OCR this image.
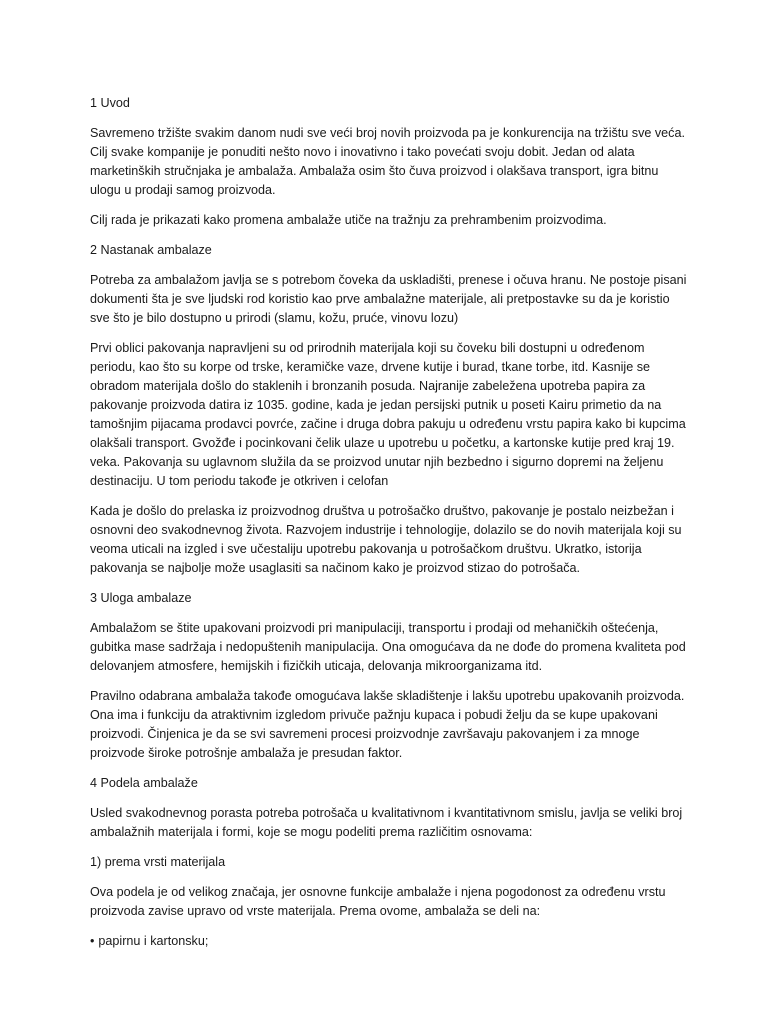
1 Uvod
Savremeno tržište svakim danom nudi sve veći broj novih proizvoda pa je konkurencija na tržištu sve veća. Cilj svake kompanije je ponuditi nešto novo i inovativno i tako povećati svoju dobit. Jedan od alata marketinških stručnjaka je ambalaža. Ambalaža osim što čuva proizvod i olakšava transport, igra bitnu ulogu u prodaji samog proizvoda.
Cilj rada je prikazati kako promena ambalaže utiče na tražnju za prehrambenim proizvodima.
2 Nastanak ambalaze
Potreba za ambalažom javlja se s potrebom čoveka da uskladišti, prenese i očuva hranu. Ne postoje pisani dokumenti šta je sve ljudski rod koristio kao prve ambalažne materijale, ali pretpostavke su da je koristio sve što je bilo dostupno u prirodi (slamu, kožu, pruće, vinovu lozu)
Prvi oblici pakovanja napravljeni su od prirodnih materijala koji su čoveku bili dostupni u određenom periodu, kao što su korpe od trske, keramičke vaze, drvene kutije i burad, tkane torbe, itd. Kasnije se obradom materijala došlo do staklenih i bronzanih posuda. Najranije zabeležena upotreba papira za pakovanje proizvoda datira iz 1035. godine, kada je jedan persijski putnik u poseti Kairu primetio da na tamošnjim pijacama prodavci povrće, začine i druga dobra pakuju u određenu vrstu papira kako bi kupcima olakšali transport. Gvožđe i pocinkovani čelik ulaze u upotrebu u početku, a kartonske kutije pred kraj 19. veka. Pakovanja su uglavnom služila da se proizvod unutar njih bezbedno i sigurno dopremi na željenu destinaciju. U tom periodu takođe je otkriven i celofan
Kada je došlo do prelaska iz proizvodnog društva u potrošačko društvo, pakovanje je postalo neizbežan i osnovni deo svakodnevnog života. Razvojem industrije i tehnologije, dolazilo se do novih materijala koji su veoma uticali na izgled i sve učestaliju upotrebu pakovanja u potrošačkom društvu. Ukratko, istorija pakovanja se najbolje može usaglasiti sa načinom kako je proizvod stizao do potrošača.
3 Uloga ambalaze
Ambalažom se štite upakovani proizvodi pri manipulaciji, transportu i prodaji od mehaničkih oštećenja, gubitka mase sadržaja i nedopuštenih manipulacija. Ona omogućava da ne dođe do promena kvaliteta pod delovanjem atmosfere, hemijskih i fizičkih uticaja, delovanja mikroorganizama itd.
Pravilno odabrana ambalaža takođe omogućava lakše skladištenje i lakšu upotrebu upakovanih proizvoda. Ona ima i funkciju da atraktivnim izgledom privuče pažnju kupaca i pobudi želju da se kupe upakovani proizvodi. Činjenica je da se svi savremeni procesi proizvodnje završavaju pakovanjem i za mnoge proizvode široke potrošnje ambalaža je presudan faktor.
4 Podela ambalaže
Usled svakodnevnog porasta potreba potrošača u kvalitativnom i kvantitativnom smislu, javlja se veliki broj ambalažnih materijala i formi, koje se mogu podeliti prema različitim osnovama:
1) prema vrsti materijala
Ova podela je od velikog značaja, jer osnovne funkcije ambalaže i njena pogodonost za određenu vrstu proizvoda zavise upravo od vrste materijala. Prema ovome, ambalaža se deli na:
• papirnu i kartonsku;
